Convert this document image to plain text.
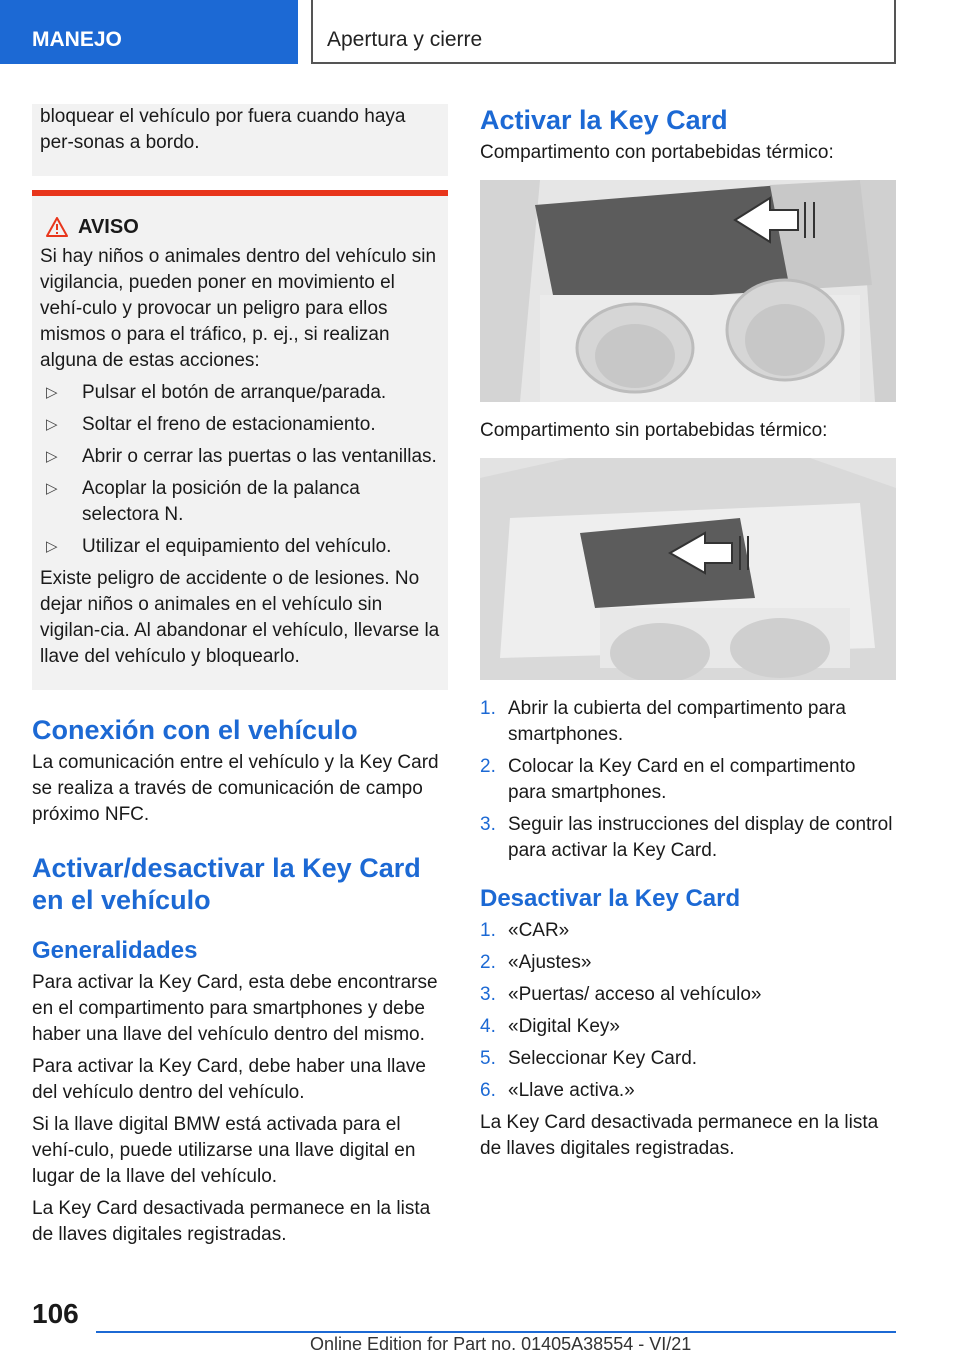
MANEJO	Apertura y cierre

bloquear el vehículo por fuera cuando haya per-sonas a bordo.

AVISO

Si hay niños o animales dentro del vehículo sin vigilancia, pueden poner en movimiento el vehí-culo y provocar un peligro para ellos mismos o para el tráfico, p. ej., si realizan alguna de estas acciones:

▷	Pulsar el botón de arranque/parada.
▷	Soltar el freno de estacionamiento.
▷	Abrir o cerrar las puertas o las ventanillas.
▷	Acoplar la posición de la palanca selectora N.
▷	Utilizar el equipamiento del vehículo.

Existe peligro de accidente o de lesiones. No dejar niños o animales en el vehículo sin vigilan-cia. Al abandonar el vehículo, llevarse la llave del vehículo y bloquearlo.

Conexión con el vehículo

La comunicación entre el vehículo y la Key Card se realiza a través de comunicación de campo próximo NFC.

Activar/desactivar la Key Card en el vehículo
Generalidades

Para activar la Key Card, esta debe encontrarse en el compartimento para smartphones y debe haber una llave del vehículo dentro del mismo.

Para activar la Key Card, debe haber una llave del vehículo dentro del vehículo.

Si la llave digital BMW está activada para el vehí-culo, puede utilizarse una llave digital en lugar de la llave del vehículo.

La Key Card desactivada permanece en la lista de llaves digitales registradas.

Activar la Key Card

Compartimento con portabebidas térmico:

Compartimento sin portabebidas térmico:

1. Abrir la cubierta del compartimento para smartphones.
2. Colocar la Key Card en el compartimento para smartphones.
3. Seguir las instrucciones del display de control para activar la Key Card.
Desactivar la Key Card
1. «CAR»
2. «Ajustes»
3. «Puertas/ acceso al vehículo»
4. «Digital Key»
5. Seleccionar Key Card.
6. «Llave activa.»

La Key Card desactivada permanece en la lista de llaves digitales registradas.

106
Online Edition for Part no. 01405A38554 - VI/21
